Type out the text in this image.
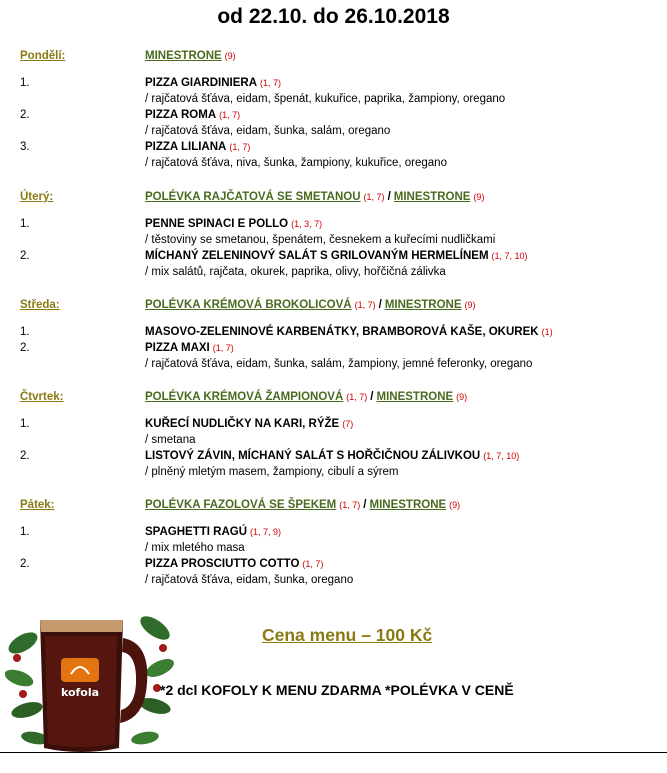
od 22.10. do 26.10.2018
Pondělí:	MINESTRONE (9)
1.	PIZZA GIARDINIERA (1, 7)
/ rajčatová šťáva, eidam, špenát, kukuřice, paprika, žampiony, oregano
2.	PIZZA ROMA (1, 7)
/ rajčatová šťáva, eidam, šunka, salám, oregano
3.	PIZZA LILIANA (1, 7)
/ rajčatová šťáva, niva, šunka, žampiony, kukuřice, oregano
Úterý:	POLÉVKA RAJČATOVÁ SE SMETANOU (1, 7) / MINESTRONE (9)
1.	PENNE SPINACI E POLLO (1, 3, 7)
/ těstoviny se smetanou, špenátem, česnekem a kuřecími nudličkami
2.	MÍCHANÝ ZELENINOVÝ SALÁT S GRILOVANÝM HERMELÍNEM (1, 7, 10)
/ mix salátů, rajčata, okurek, paprika, olivy, hořčičná zálivka
Středa:	POLÉVKA KRÉMOVÁ BROKOLICOVÁ (1, 7) / MINESTRONE (9)
1.	MASOVO-ZELENINOVÉ KARBENÁTKY, BRAMBOROVÁ KAŠE, OKUREK (1)
2.	PIZZA MAXI (1, 7)
/ rajčatová šťáva, eidam, šunka, salám, žampiony, jemné feferonky, oregano
Čtvrtek:	POLÉVKA KRÉMOVÁ ŽAMPIONOVÁ (1, 7) / MINESTRONE (9)
1.	KUŘECÍ NUDLIČKY NA KARI, RÝŽE (7)
/ smetana
2.	LISTOVÝ ZÁVIN, MÍCHANÝ SALÁT S HOŘČIČNOU ZÁLIVKOU (1, 7, 10)
/ plněný mletým masem, žampiony, cibulí a sýrem
Pátek:	POLÉVKA FAZOLOVÁ SE ŠPEKEM (1, 7) / MINESTRONE (9)
1.	SPAGHETTI RAGÚ (1, 7, 9)
/ mix mletého masa
2.	PIZZA PROSCIUTTO COTTO (1, 7)
/ rajčatová šťáva, eidam, šunka, oregano
kofola
Cena menu – 100 Kč
*2 dcl KOFOLY K MENU ZDARMA *POLÉVKA V CENĚ
